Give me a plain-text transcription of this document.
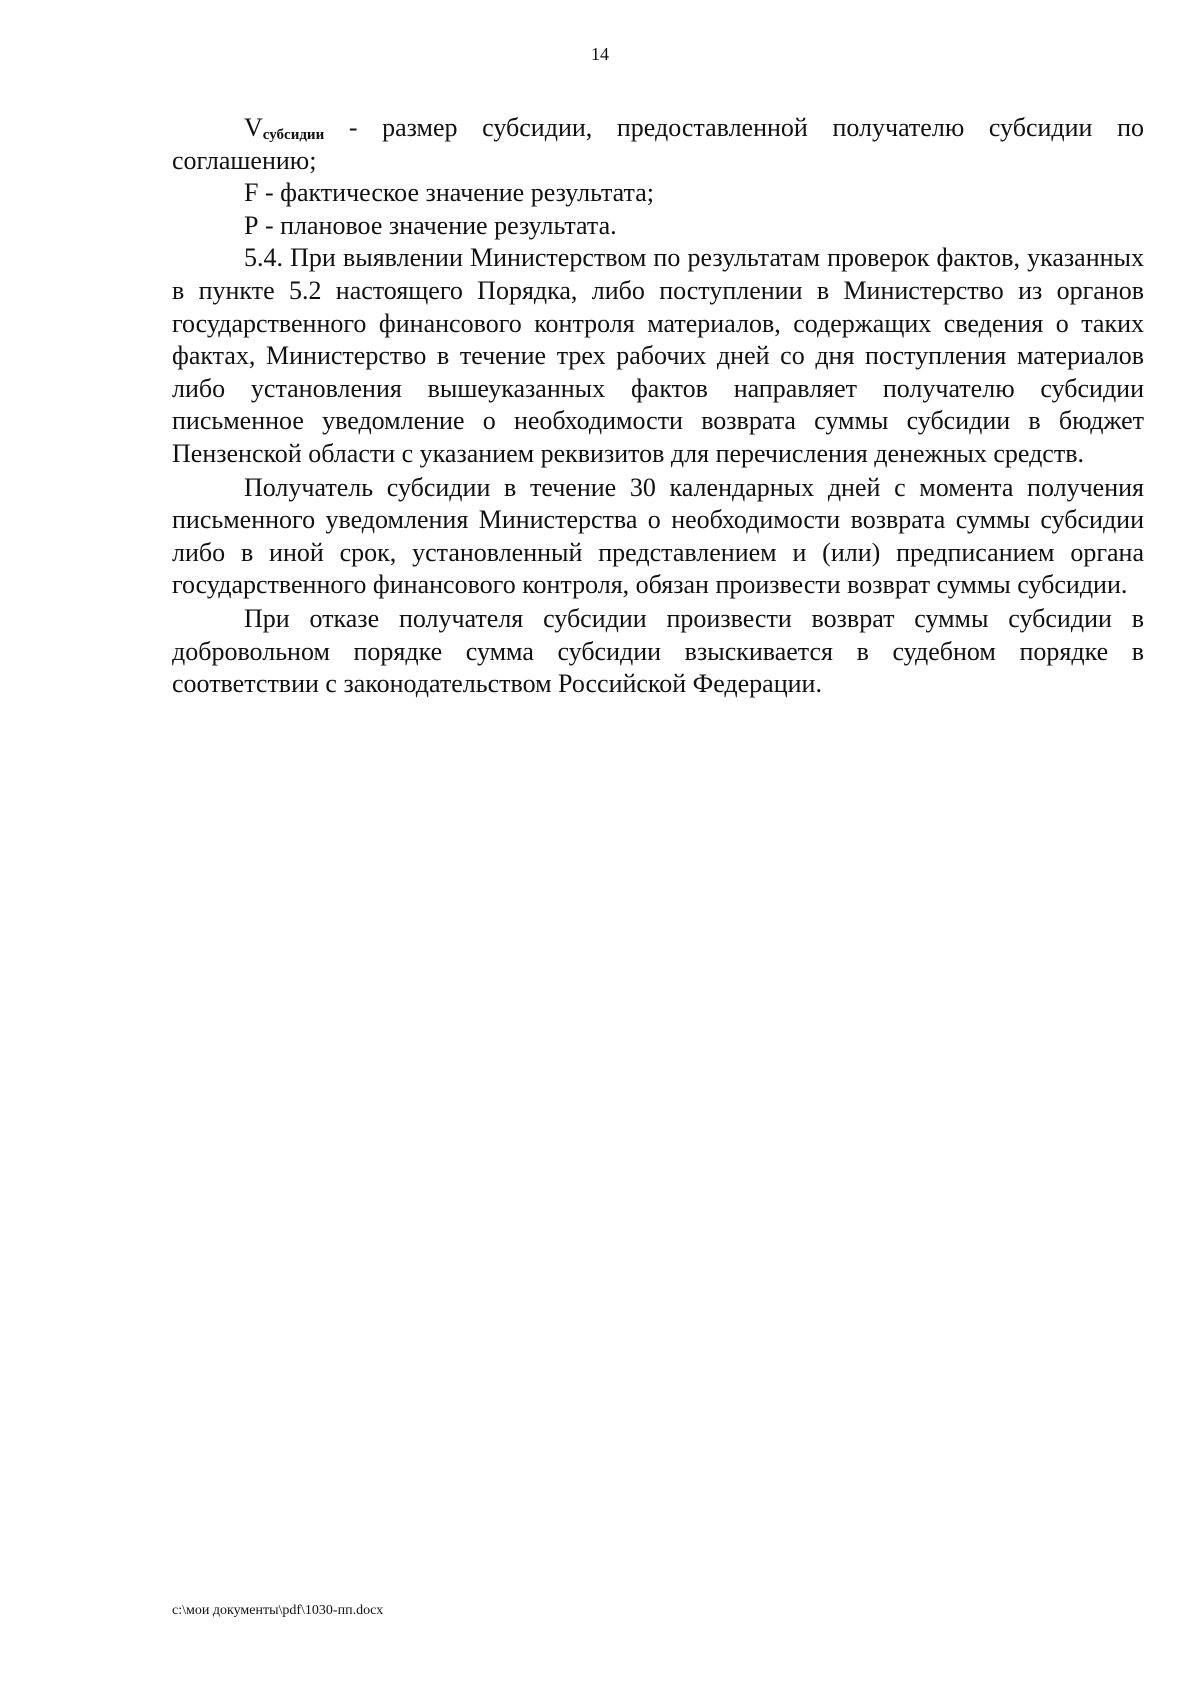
14

$V_{субсидии}$ - размер субсидии, предоставленной получателю субсидии по соглашению;

F - фактическое значение результата;

Р - плановое значение результата.

5.4. При выявлении Министерством по результатам проверок фактов, указанных в пункте 5.2 настоящего Порядка, либо поступлении в Министерство из органов государственного финансового контроля материалов, содержащих сведения о таких фактах, Министерство в течение трех рабочих дней со дня поступления материалов либо установления вышеуказанных фактов направляет получателю субсидии письменное уведомление о необходимости возврата суммы субсидии в бюджет Пензенской области с указанием реквизитов для перечисления денежных средств.

Получатель субсидии в течение 30 календарных дней с момента получения письменного уведомления Министерства о необходимости возврата суммы субсидии либо в иной срок, установленный представлением и (или) предписанием органа государственного финансового контроля, обязан произвести возврат суммы субсидии.

При отказе получателя субсидии произвести возврат суммы субсидии в добровольном порядке сумма субсидии взыскивается в судебном порядке в соответствии с законодательством Российской Федерации.

c:\мои документы\pdf\1030-пп.docx
